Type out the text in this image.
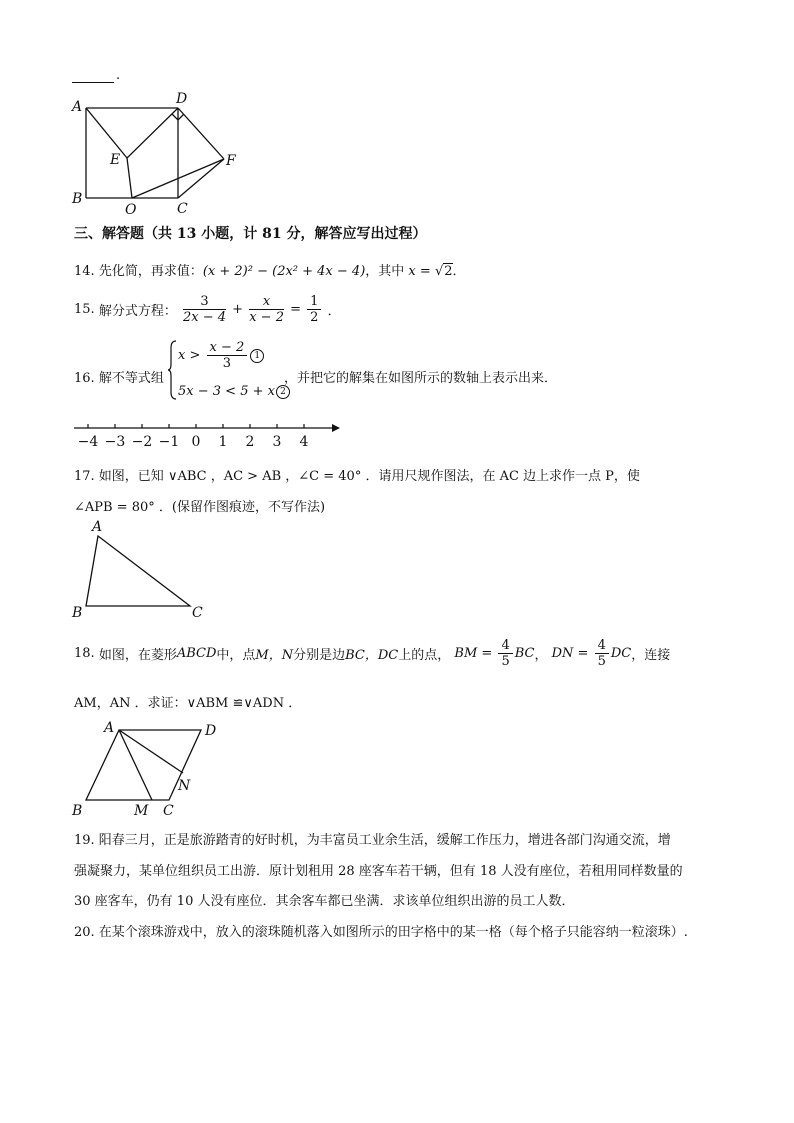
.
A	D
E	F
B
O	C
三、解答题（共 13 小题，计 81 分，解答应写出过程）
14. 先化简，再求值：(x + 2)² − (2x² + 4x − 4)，其中 x = √2．
15. 解分式方程： $\frac{3}{2x - 4} + \frac{x}{x - 2} = \frac{1}{2}$ ．
16. 解不等式组
$x > \frac{x - 2}{3} 1$
5x − 3 < 5 + x 2
，并把它的解集在如图所示的数轴上表示出来．
−4 −3 −2 −1 0 1 2 3 4
17. 如图，已知 ∨ABC ，AC > AB ，∠C = 40° ．请用尺规作图法，在 AC 边上求作一点 P，使
∠APB = 80° ．(保留作图痕迹，不写作法)
A
B	C
18. 如图，在菱形ABCD中，点M，N分别是边BC，DC上的点， BM = $\frac{4}{5}$ BC， DN = $\frac{4}{5}$ DC，连接
AM，AN ．求证：∨ABM ≌∨ADN ．
A	D
N
B	M C
19. 阳春三月，正是旅游踏青的好时机，为丰富员工业余生活，缓解工作压力，增进各部门沟通交流，增
强凝聚力，某单位组织员工出游．原计划租用 28 座客车若干辆，但有 18 人没有座位，若租用同样数量的
30 座客车，仍有 10 人没有座位．其余客车都已坐满．求该单位组织出游的员工人数．
20. 在某个滚珠游戏中，放入的滚珠随机落入如图所示的田字格中的某一格（每个格子只能容纳一粒滚珠）.
